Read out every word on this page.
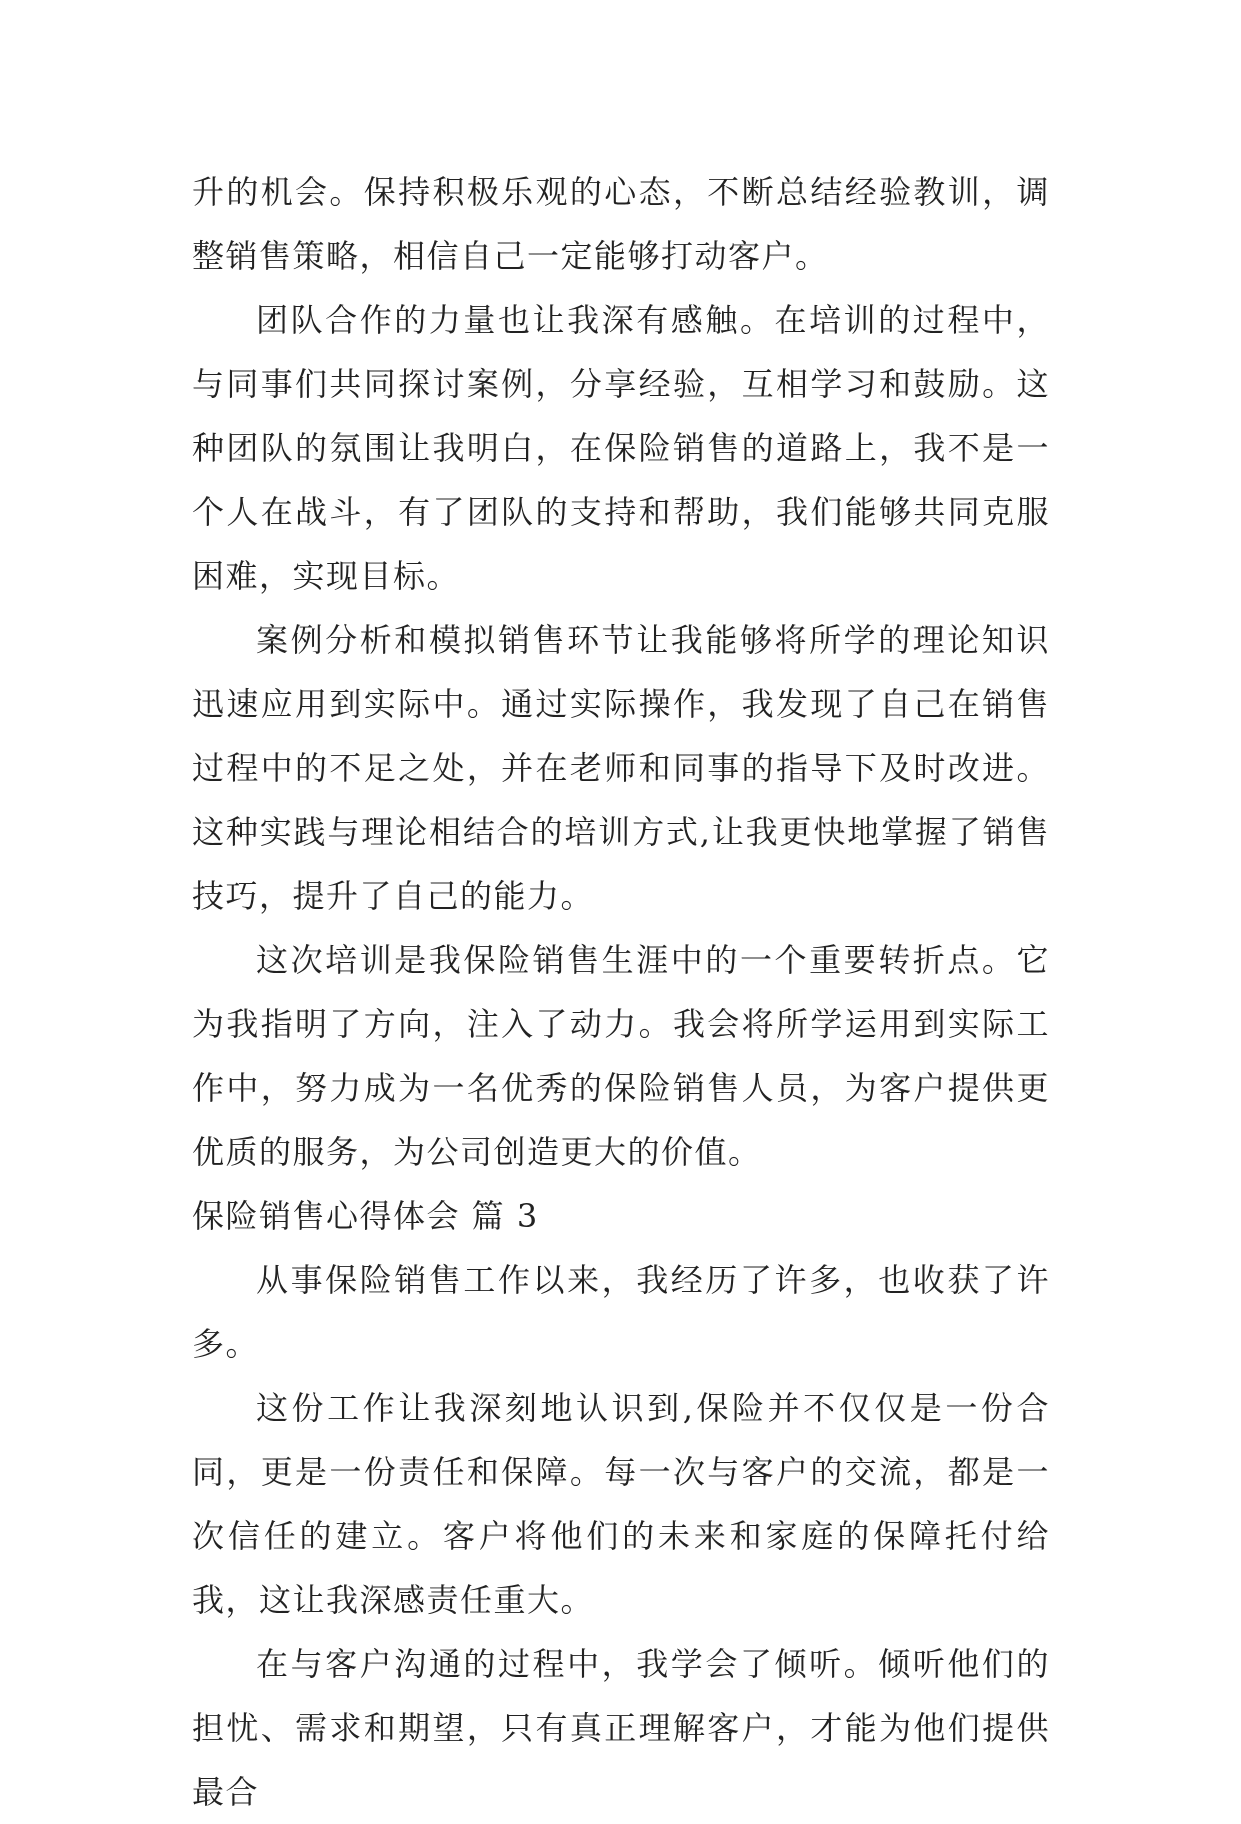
升的机会。保持积极乐观的心态，不断总结经验教训，调整销售策略，相信自己一定能够打动客户。

团队合作的力量也让我深有感触。在培训的过程中，与同事们共同探讨案例，分享经验，互相学习和鼓励。这种团队的氛围让我明白，在保险销售的道路上，我不是一个人在战斗，有了团队的支持和帮助，我们能够共同克服困难，实现目标。

案例分析和模拟销售环节让我能够将所学的理论知识迅速应用到实际中。通过实际操作，我发现了自己在销售过程中的不足之处，并在老师和同事的指导下及时改进。这种实践与理论相结合的培训方式,让我更快地掌握了销售技巧，提升了自己的能力。

这次培训是我保险销售生涯中的一个重要转折点。它为我指明了方向，注入了动力。我会将所学运用到实际工作中，努力成为一名优秀的保险销售人员，为客户提供更优质的服务，为公司创造更大的价值。

保险销售心得体会 篇 3

从事保险销售工作以来，我经历了许多，也收获了许多。

这份工作让我深刻地认识到,保险并不仅仅是一份合同，更是一份责任和保障。每一次与客户的交流，都是一次信任的建立。客户将他们的未来和家庭的保障托付给我，这让我深感责任重大。

在与客户沟通的过程中，我学会了倾听。倾听他们的担忧、需求和期望，只有真正理解客户，才能为他们提供最合
